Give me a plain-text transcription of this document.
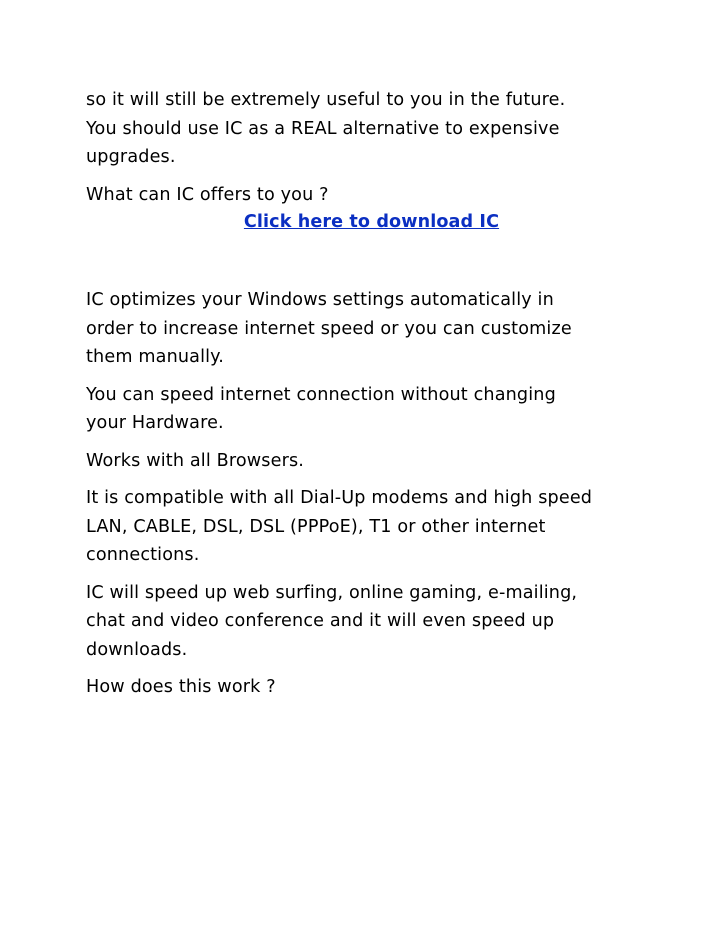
so it will still be extremely useful to you in the future.
You should use IC as a REAL alternative to expensive
upgrades.

What can IC offers to you ?

Click here to download IC

IC optimizes your Windows settings automatically in
order to increase internet speed or you can customize
them manually.

You can speed internet connection without changing
your Hardware.

Works with all Browsers.

It is compatible with all Dial-Up modems and high speed
LAN, CABLE, DSL, DSL (PPPoE), T1 or other internet
connections.

IC will speed up web surfing, online gaming, e-mailing,
chat and video conference and it will even speed up
downloads.

How does this work ?
